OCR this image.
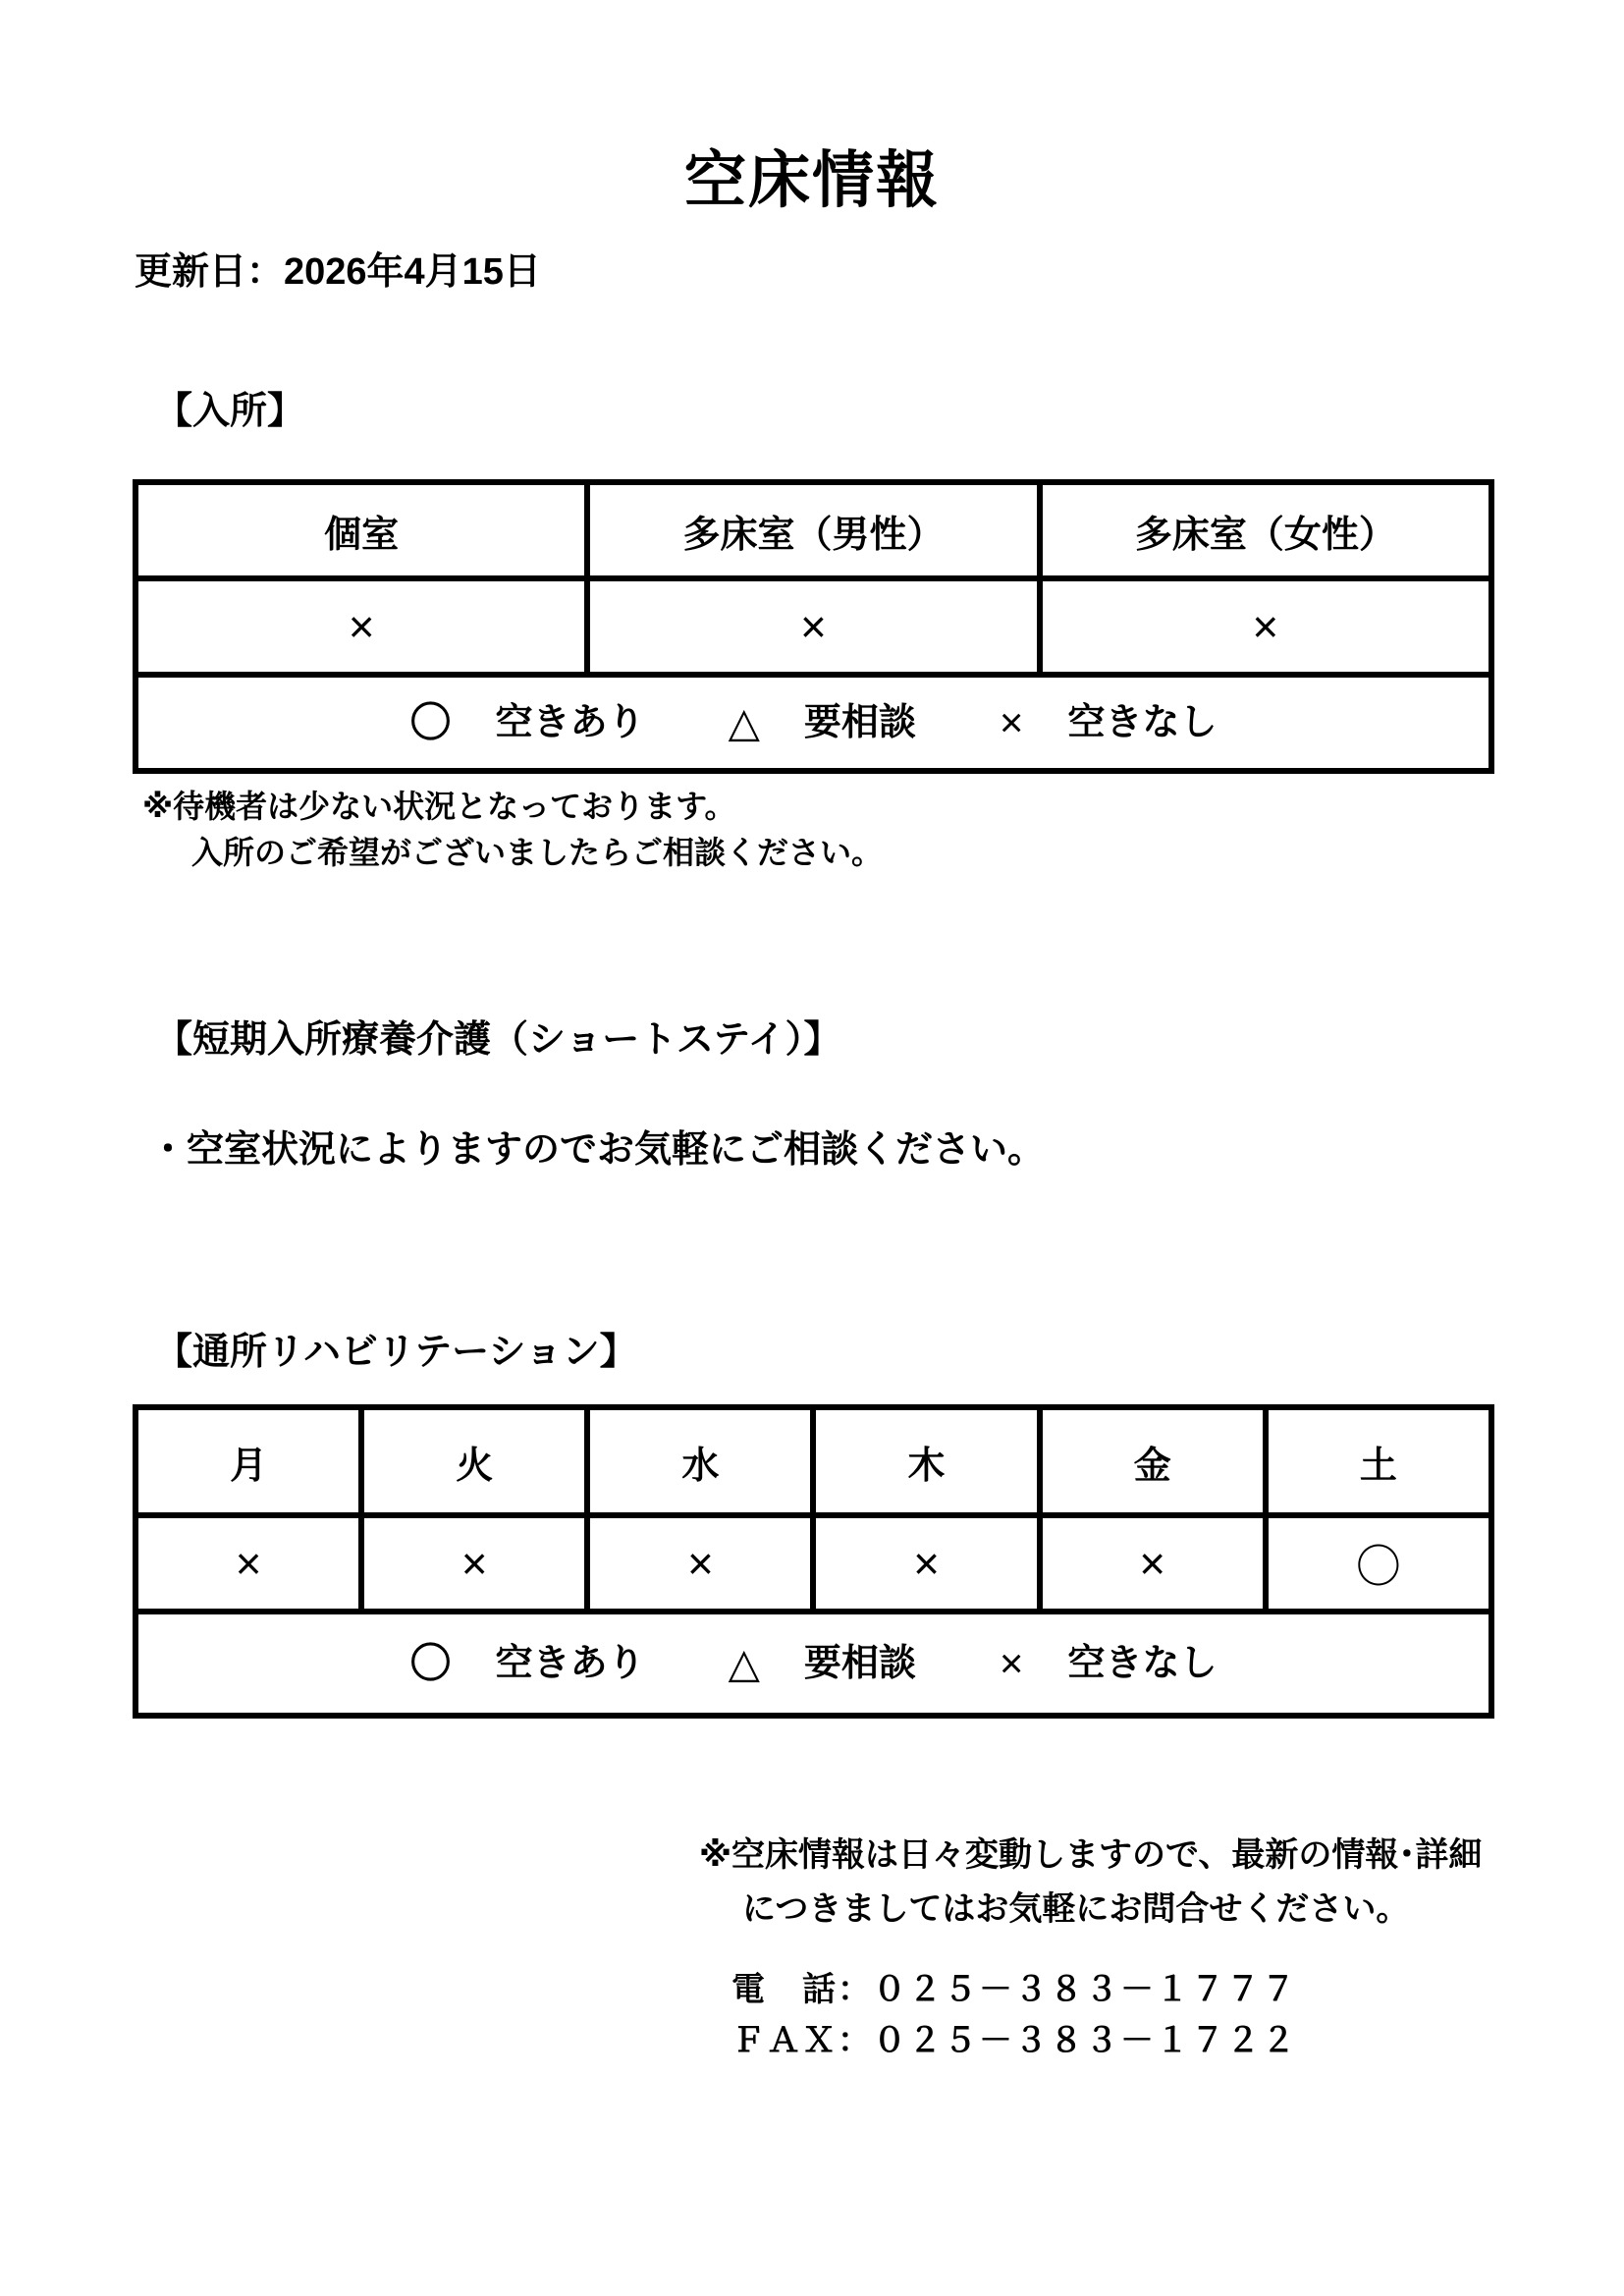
空床情報
更新日：2026年4月15日
【入所】
個室	多床室（男性）	多床室（女性）
×	×	×

〇 空きあり △ 要相談 × 空きなし
※待機者は少ない状況となっております。
入所のご希望がございましたらご相談ください。
【短期入所療養介護（ショートステイ）】
・空室状況によりますのでお気軽にご相談ください。
【通所リハビリテーション】
月	火	水	木	金	土
×	×	×	×	×	〇

〇 空きあり △ 要相談 × 空きなし
※空床情報は日々変動しますので、最新の情報･詳細
につきましてはお気軽にお問合せください。
電　話：０２５－３８３－１７７７
ＦＡＸ：０２５－３８３－１７２２
